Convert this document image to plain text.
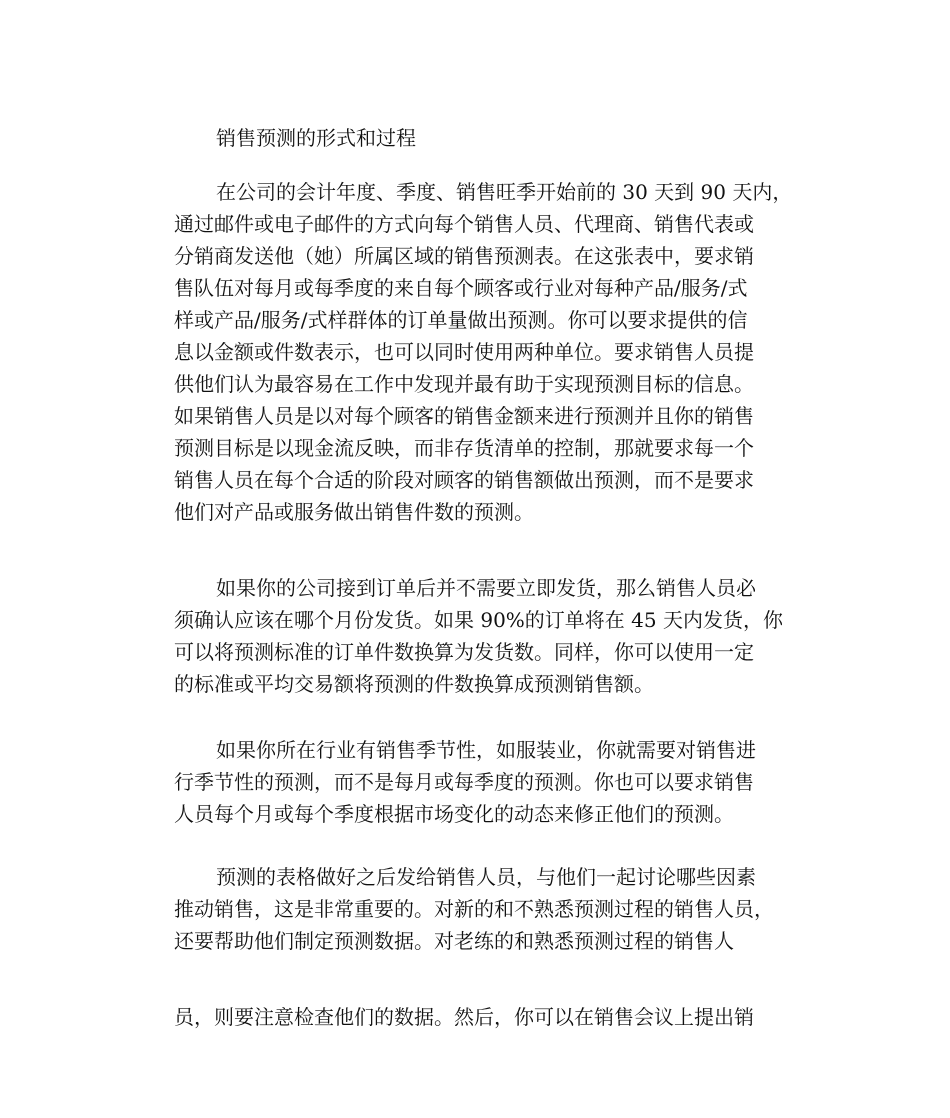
销售预测的形式和过程
在公司的会计年度、季度、销售旺季开始前的 30 天到 90 天内，
通过邮件或电子邮件的方式向每个销售人员、代理商、销售代表或
分销商发送他（她）所属区域的销售预测表。在这张表中，要求销
售队伍对每月或每季度的来自每个顾客或行业对每种产品/服务/式
样或产品/服务/式样群体的订单量做出预测。你可以要求提供的信
息以金额或件数表示，也可以同时使用两种单位。要求销售人员提
供他们认为最容易在工作中发现并最有助于实现预测目标的信息。
如果销售人员是以对每个顾客的销售金额来进行预测并且你的销售
预测目标是以现金流反映，而非存货清单的控制，那就要求每一个
销售人员在每个合适的阶段对顾客的销售额做出预测，而不是要求
他们对产品或服务做出销售件数的预测。
如果你的公司接到订单后并不需要立即发货，那么销售人员必
须确认应该在哪个月份发货。如果 90%的订单将在 45 天内发货，你
可以将预测标准的订单件数换算为发货数。同样，你可以使用一定
的标准或平均交易额将预测的件数换算成预测销售额。
如果你所在行业有销售季节性，如服装业，你就需要对销售进
行季节性的预测，而不是每月或每季度的预测。你也可以要求销售
人员每个月或每个季度根据市场变化的动态来修正他们的预测。
预测的表格做好之后发给销售人员，与他们一起讨论哪些因素
推动销售，这是非常重要的。对新的和不熟悉预测过程的销售人员，
还要帮助他们制定预测数据。对老练的和熟悉预测过程的销售人
员，则要注意检查他们的数据。然后，你可以在销售会议上提出销
